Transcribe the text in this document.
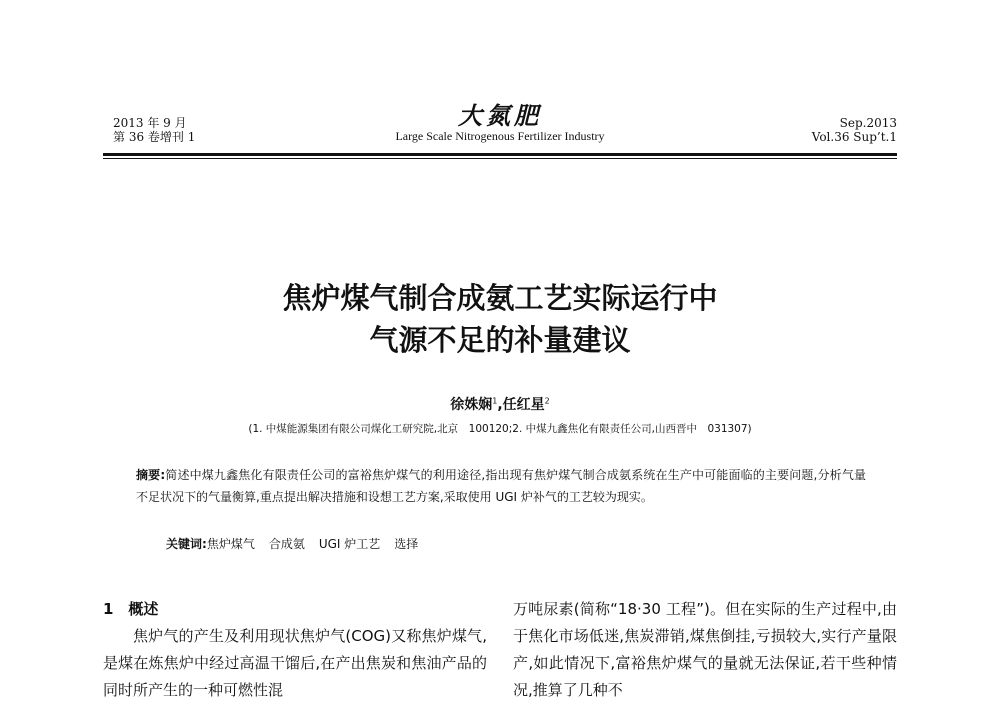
2013 年 9 月
第 36 卷增刊 1
大氮肥
Large Scale Nitrogenous Fertilizer Industry
Sep.2013
Vol.36 Sup’t.1
焦炉煤气制合成氨工艺实际运行中
气源不足的补量建议
徐姝娴$^1$,任红星$^2$
(1. 中煤能源集团有限公司煤化工研究院,北京　100120;2. 中煤九鑫焦化有限责任公司,山西晋中　031307)
摘要:简述中煤九鑫焦化有限责任公司的富裕焦炉煤气的利用途径,指出现有焦炉煤气制合成氨系统在生产中可能面临的主要问题,分析气量不足状况下的气量衡算,重点提出解决措施和设想工艺方案,采取使用 UGI 炉补气的工艺较为现实。
关键词:焦炉煤气 合成氨 UGI 炉工艺 选择
1　概述
焦炉气的产生及利用现状焦炉气(COG)又称焦炉煤气,是煤在炼焦炉中经过高温干馏后,在产出焦炭和焦油产品的同时所产生的一种可燃性混
万吨尿素(简称“18·30 工程”)。但在实际的生产过程中,由于焦化市场低迷,焦炭滞销,煤焦倒挂,亏损较大,实行产量限产,如此情况下,富裕焦炉煤气的量就无法保证,若干些种情况,推算了几种不
